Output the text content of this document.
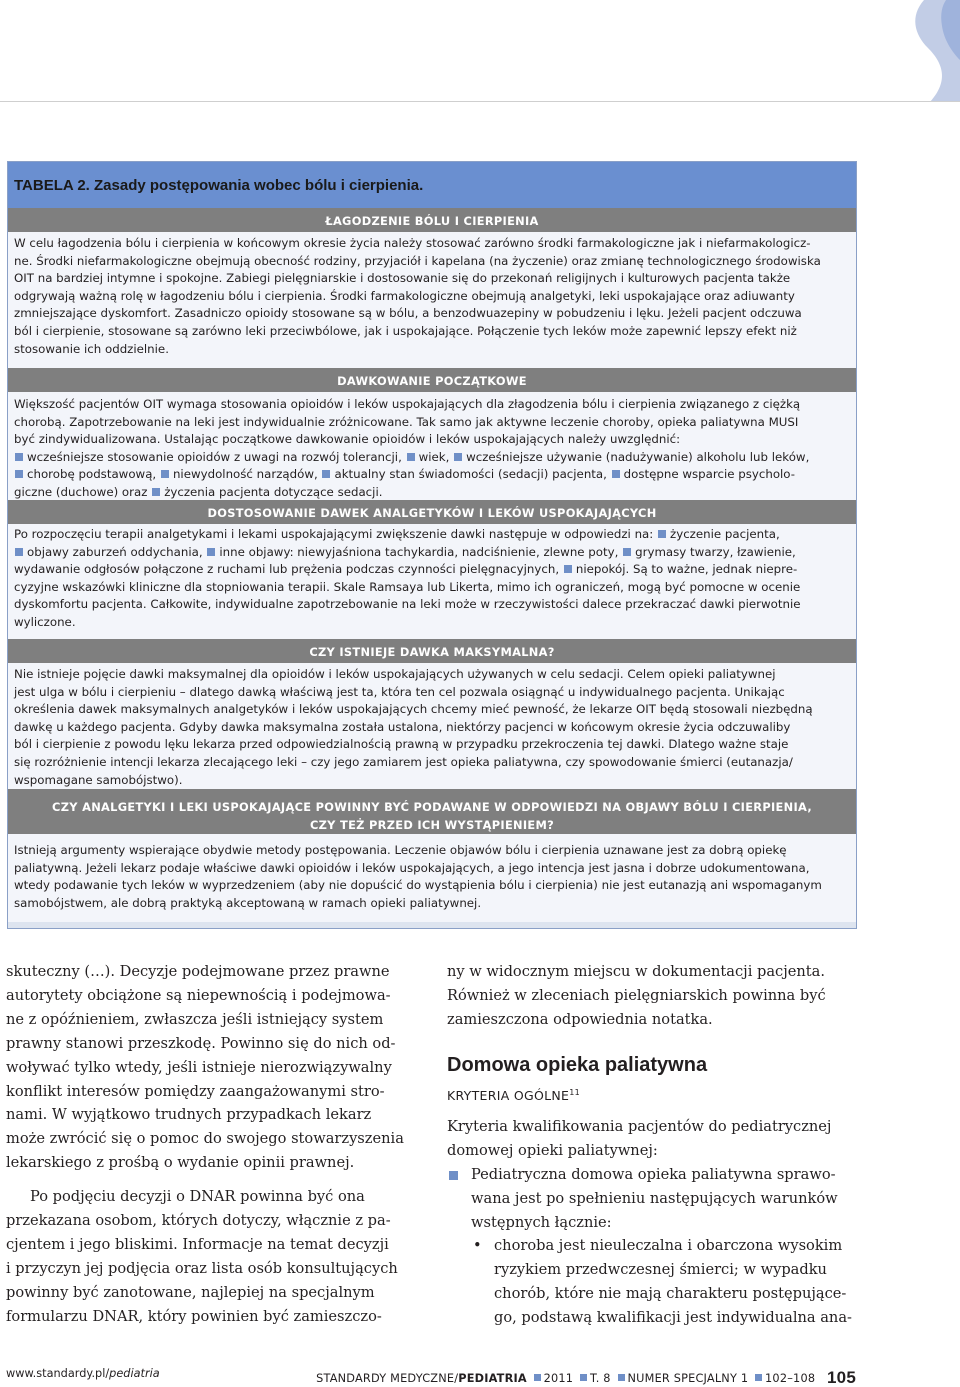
TABELA 2. Zasady postępowania wobec bólu i cierpienia.
ŁAGODZENIE BÓLU I CIERPIENIA
W celu łagodzenia bólu i cierpienia w końcowym okresie życia należy stosować zarówno środki farmakologiczne jak i niefarmakologicz-
ne. Środki niefarmakologiczne obejmują obecność rodziny, przyjaciół i kapelana (na życzenie) oraz zmianę technologicznego środowiska
OIT na bardziej intymne i spokojne. Zabiegi pielęgniarskie i dostosowanie się do przekonań religijnych i kulturowych pacjenta także
odgrywają ważną rolę w łagodzeniu bólu i cierpienia. Środki farmakologiczne obejmują analgetyki, leki uspokajające oraz adiuwanty
zmniejszające dyskomfort. Zasadniczo opioidy stosowane są w bólu, a benzodwuazepiny w pobudzeniu i lęku. Jeżeli pacjent odczuwa
ból i cierpienie, stosowane są zarówno leki przeciwbólowe, jak i uspokajające. Połączenie tych leków może zapewnić lepszy efekt niż
stosowanie ich oddzielnie.
DAWKOWANIE POCZĄTKOWE
Większość pacjentów OIT wymaga stosowania opioidów i leków uspokajających dla złagodzenia bólu i cierpienia związanego z ciężką
chorobą. Zapotrzebowanie na leki jest indywidualnie zróżnicowane. Tak samo jak aktywne leczenie choroby, opieka paliatywna MUSI
być zindywidualizowana. Ustalając początkowe dawkowanie opioidów i leków uspokajających należy uwzględnić:
wcześniejsze stosowanie opioidów z uwagi na rozwój tolerancji, wiek, wcześniejsze używanie (nadużywanie) alkoholu lub leków,
chorobę podstawową, niewydolność narządów, aktualny stan świadomości (sedacji) pacjenta, dostępne wsparcie psycholo-
giczne (duchowe) oraz życzenia pacjenta dotyczące sedacji.
DOSTOSOWANIE DAWEK ANALGETYKÓW I LEKÓW USPOKAJAJĄCYCH
Po rozpoczęciu terapii analgetykami i lekami uspokajającymi zwiększenie dawki następuje w odpowiedzi na: życzenie pacjenta,
objawy zaburzeń oddychania, inne objawy: niewyjaśniona tachykardia, nadciśnienie, zlewne poty, grymasy twarzy, łzawienie,
wydawanie odgłosów połączone z ruchami lub prężenia podczas czynności pielęgnacyjnych, niepokój. Są to ważne, jednak niepre-
cyzyjne wskazówki kliniczne dla stopniowania terapii. Skale Ramsaya lub Likerta, mimo ich ograniczeń, mogą być pomocne w ocenie
dyskomfortu pacjenta. Całkowite, indywidualne zapotrzebowanie na leki może w rzeczywistości dalece przekraczać dawki pierwotnie
wyliczone.
CZY ISTNIEJE DAWKA MAKSYMALNA?
Nie istnieje pojęcie dawki maksymalnej dla opioidów i leków uspokajających używanych w celu sedacji. Celem opieki paliatywnej
jest ulga w bólu i cierpieniu – dlatego dawką właściwą jest ta, która ten cel pozwala osiągnąć u indywidualnego pacjenta. Unikając
określenia dawek maksymalnych analgetyków i leków uspokajających chcemy mieć pewność, że lekarze OIT będą stosowali niezbędną
dawkę u każdego pacjenta. Gdyby dawka maksymalna została ustalona, niektórzy pacjenci w końcowym okresie życia odczuwaliby
ból i cierpienie z powodu lęku lekarza przed odpowiedzialnością prawną w przypadku przekroczenia tej dawki. Dlatego ważne staje
się rozróżnienie intencji lekarza zlecającego leki – czy jego zamiarem jest opieka paliatywna, czy spowodowanie śmierci (eutanazja/
wspomagane samobójstwo).
CZY ANALGETYKI I LEKI USPOKAJAJĄCE POWINNY BYĆ PODAWANE W ODPOWIEDZI NA OBJAWY BÓLU I CIERPIENIA,
CZY TEŻ PRZED ICH WYSTĄPIENIEM?
Istnieją argumenty wspierające obydwie metody postępowania. Leczenie objawów bólu i cierpienia uznawane jest za dobrą opiekę
paliatywną. Jeżeli lekarz podaje właściwe dawki opioidów i leków uspokajających, a jego intencja jest jasna i dobrze udokumentowana,
wtedy podawanie tych leków w wyprzedzeniem (aby nie dopuścić do wystąpienia bólu i cierpienia) nie jest eutanazją ani wspomaganym
samobójstwem, ale dobrą praktyką akceptowaną w ramach opieki paliatywnej.
skuteczny (…). Decyzje podejmowane przez prawne
autorytety obciążone są niepewnością i podejmowa-
ne z opóźnieniem, zwłaszcza jeśli istniejący system
prawny stanowi przeszkodę. Powinno się do nich od-
woływać tylko wtedy, jeśli istnieje nierozwiązywalny
konflikt interesów pomiędzy zaangażowanymi stro-
nami. W wyjątkowo trudnych przypadkach lekarz
może zwrócić się o pomoc do swojego stowarzyszenia
lekarskiego z prośbą o wydanie opinii prawnej.
Po podjęciu decyzji o DNAR powinna być ona
przekazana osobom, których dotyczy, włącznie z pa-
cjentem i jego bliskimi. Informacje na temat decyzji
i przyczyn jej podjęcia oraz lista osób konsultujących
powinny być zanotowane, najlepiej na specjalnym
formularzu DNAR, który powinien być zamieszczo-
ny w widocznym miejscu w dokumentacji pacjenta.
Również w zleceniach pielęgniarskich powinna być
zamieszczona odpowiednia notatka.
Domowa opieka paliatywna
KRYTERIA OGÓLNE$^{11}$
Kryteria kwalifikowania pacjentów do pediatrycznej
domowej opieki paliatywnej:
Pediatryczna domowa opieka paliatywna sprawo-
wana jest po spełnieniu następujących warunków
wstępnych łącznie:
• choroba jest nieuleczalna i obarczona wysokim
ryzykiem przedwczesnej śmierci; w wypadku
chorób, które nie mają charakteru postępujące-
go, podstawą kwalifikacji jest indywidualna ana-
www.standardy.pl/pediatria	STANDARDY MEDYCZNE/PEDIATRIA 2011 T. 8 NUMER SPECJALNY 1 102–108 105
